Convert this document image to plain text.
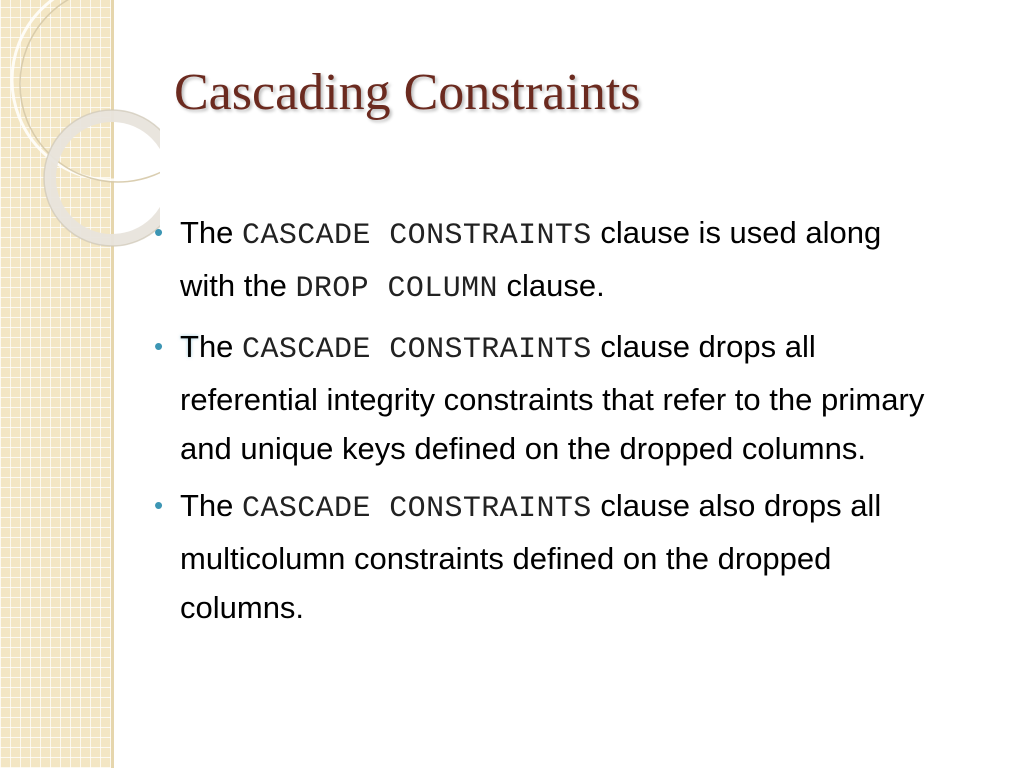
Cascading Constraints
• The CASCADE CONSTRAINTS clause is used along with the DROP COLUMN clause.
• The CASCADE CONSTRAINTS clause drops all referential integrity constraints that refer to the primary and unique keys defined on the dropped columns.
• The CASCADE CONSTRAINTS clause also drops all multicolumn constraints defined on the dropped columns.
